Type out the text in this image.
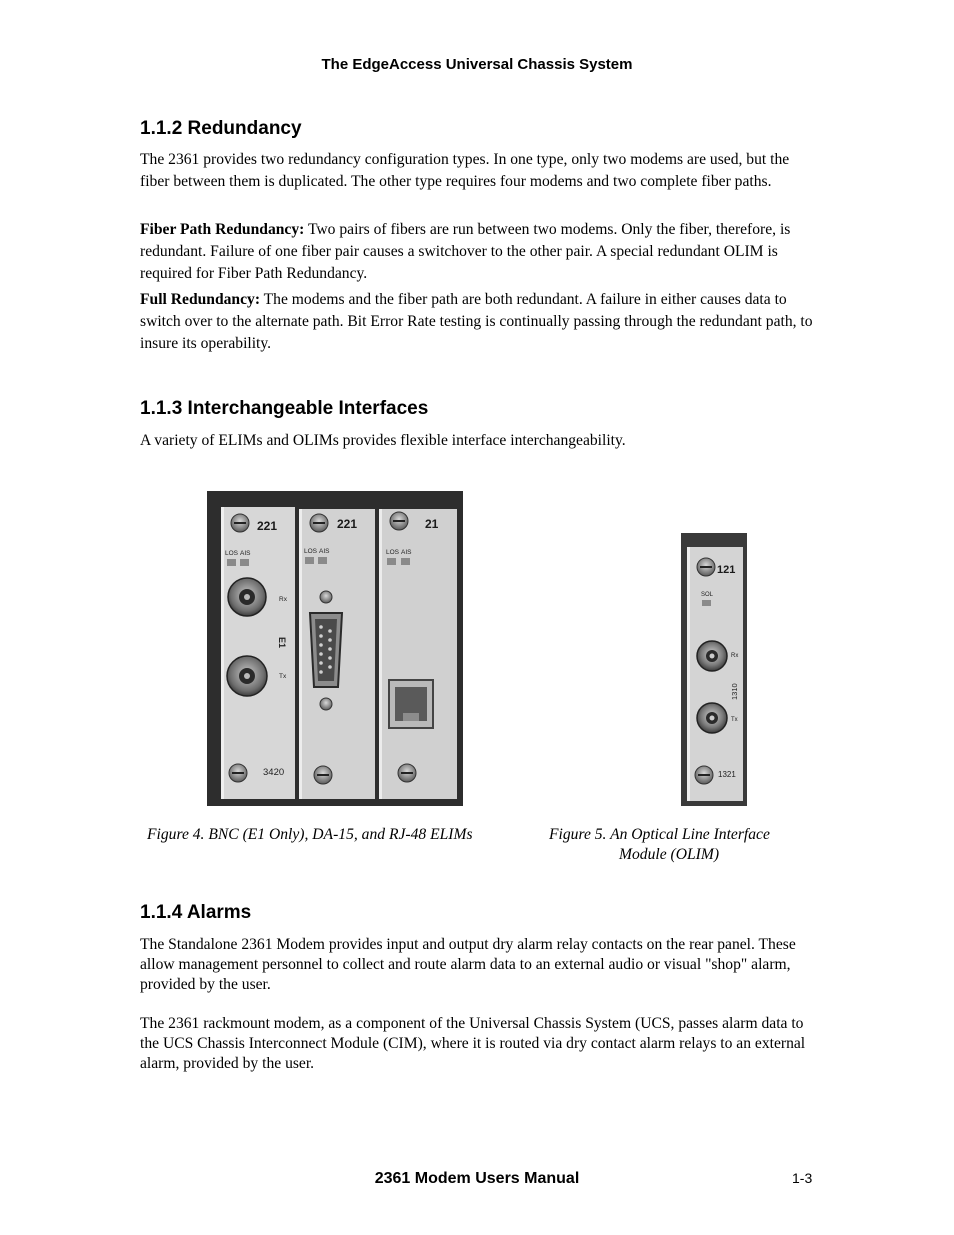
The EdgeAccess Universal Chassis System
1.1.2 Redundancy

The 2361 provides two redundancy configuration types. In one type, only two modems are used, but the fiber between them is duplicated. The other type requires four modems and two complete fiber paths.

Fiber Path Redundancy: Two pairs of fibers are run between two modems. Only the fiber, therefore, is redundant. Failure of one fiber pair causes a switchover to the other pair. A special redundant OLIM is required for Fiber Path Redundancy.

Full Redundancy: The modems and the fiber path are both redundant. A failure in either causes data to switch over to the alternate path. Bit Error Rate testing is continually passing through the redundant path, to insure its operability.

1.1.3 Interchangeable Interfaces

A variety of ELIMs and OLIMs provides flexible interface interchangeability.

221
LOS AIS
Rx
Tx
E1
3420
221
LOS AIS
21
LOS AIS
Figure 4. BNC (E1 Only), DA-15, and RJ-48 ELIMs
121
SOL
Rx
Tx
1310
1321
Figure 5. An Optical Line Interface
Module (OLIM)
1.1.4 Alarms

The Standalone 2361 Modem provides input and output dry alarm relay contacts on the rear panel. These allow management personnel to collect and route alarm data to an external audio or visual "shop" alarm, provided by the user.

The 2361 rackmount modem, as a component of the Universal Chassis System (UCS, passes alarm data to the UCS Chassis Interconnect Module (CIM), where it is routed via dry contact alarm relays to an external alarm, provided by the user.

2361 Modem Users Manual	1-3
